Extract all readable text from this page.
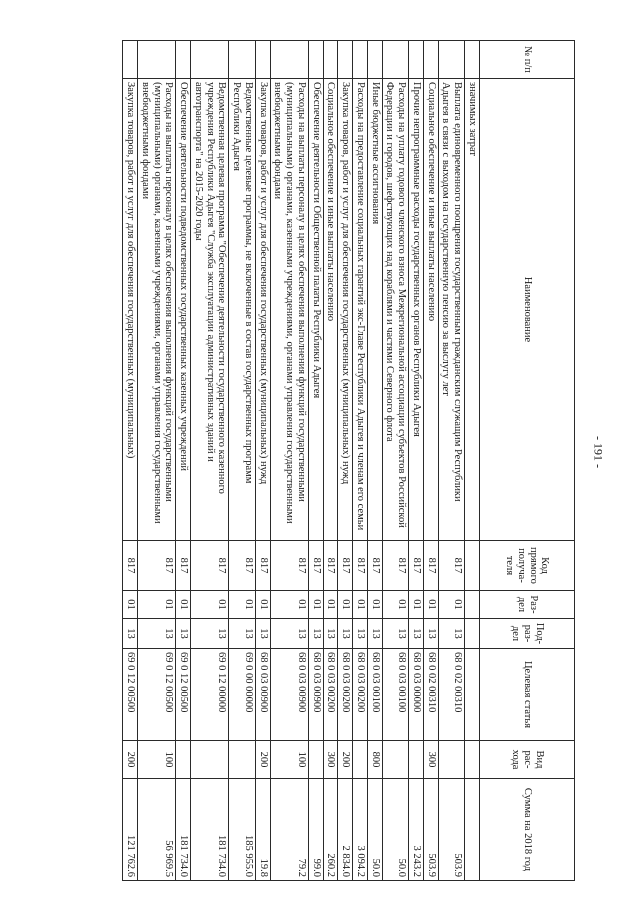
- 191 -
№ п/п	Наименование	Код прямого получа-теля	Раз-дел	Под-раз-дел	Целевая статья	Вид рас-хода	Сумма на 2018 год
	значимых затрат						
	Выплата единовременного поощрения государственным гражданским служащим Республики Адыгея в связи с выходом на государственную пенсию за выслугу лет	817	01	13	68 0 02 00310		503.9
	Социальное обеспечение и иные выплаты населению	817	01	13	68 0 02 00310	300	503.9
	Прочие непрограммные расходы государственных органов Республики Адыгея	817	01	13	68 0 03 00000		3 243.2
	Расходы на уплату годового членского взноса Межрегиональной ассоциации субъектов Российской Федерации и городов, шефствующих над кораблями и частями Северного флота	817	01	13	68 0 03 00100		50.0
	Иные бюджетные ассигнования	817	01	13	68 0 03 00100	800	50.0
	Расходы на предоставление социальных гарантий экс-Главе Республики Адыгея и членам его семьи	817	01	13	68 0 03 00200		3 094.2
	Закупка товаров, работ и услуг для обеспечения государственных (муниципальных) нужд	817	01	13	68 0 03 00200	200	2 834.0
	Социальное обеспечение и иные выплаты населению	817	01	13	68 0 03 00200	300	260.2
	Обеспечение деятельности Общественной палаты Республики Адыгея	817	01	13	68 0 03 00900		99.0
	Расходы на выплаты персоналу в целях обеспечения выполнения функций государственными (муниципальными) органами, казенными учреждениями, органами управления государственными внебюджетными фондами	817	01	13	68 0 03 00900	100	79.2
	Закупка товаров, работ и услуг для обеспечения государственных (муниципальных) нужд	817	01	13	68 0 03 00900	200	19.8
	Ведомственные целевые программы, не включенные в состав государственных программ Республики Адыгея	817	01	13	69 0 00 00000		185 955.0
	Ведомственная целевая программа "Обеспечение деятельности государственного казенного учреждения Республики Адыгея "Служба эксплуатации административных зданий и автотранспорта" на 2015-2020 годы	817	01	13	69 0 12 00000		181 734.0
	Обеспечение деятельности подведомственных государственных казенных учреждений	817	01	13	69 0 12 00500		181 734.0
	Расходы на выплаты персоналу в целях обеспечения выполнения функций государственными (муниципальными) органами, казенными учреждениями, органами управления государственными внебюджетными фондами	817	01	13	69 0 12 00500	100	56 969.5
	Закупка товаров, работ и услуг для обеспечения государственных (муниципальных)	817	01	13	69 0 12 00500	200	121 762.6
